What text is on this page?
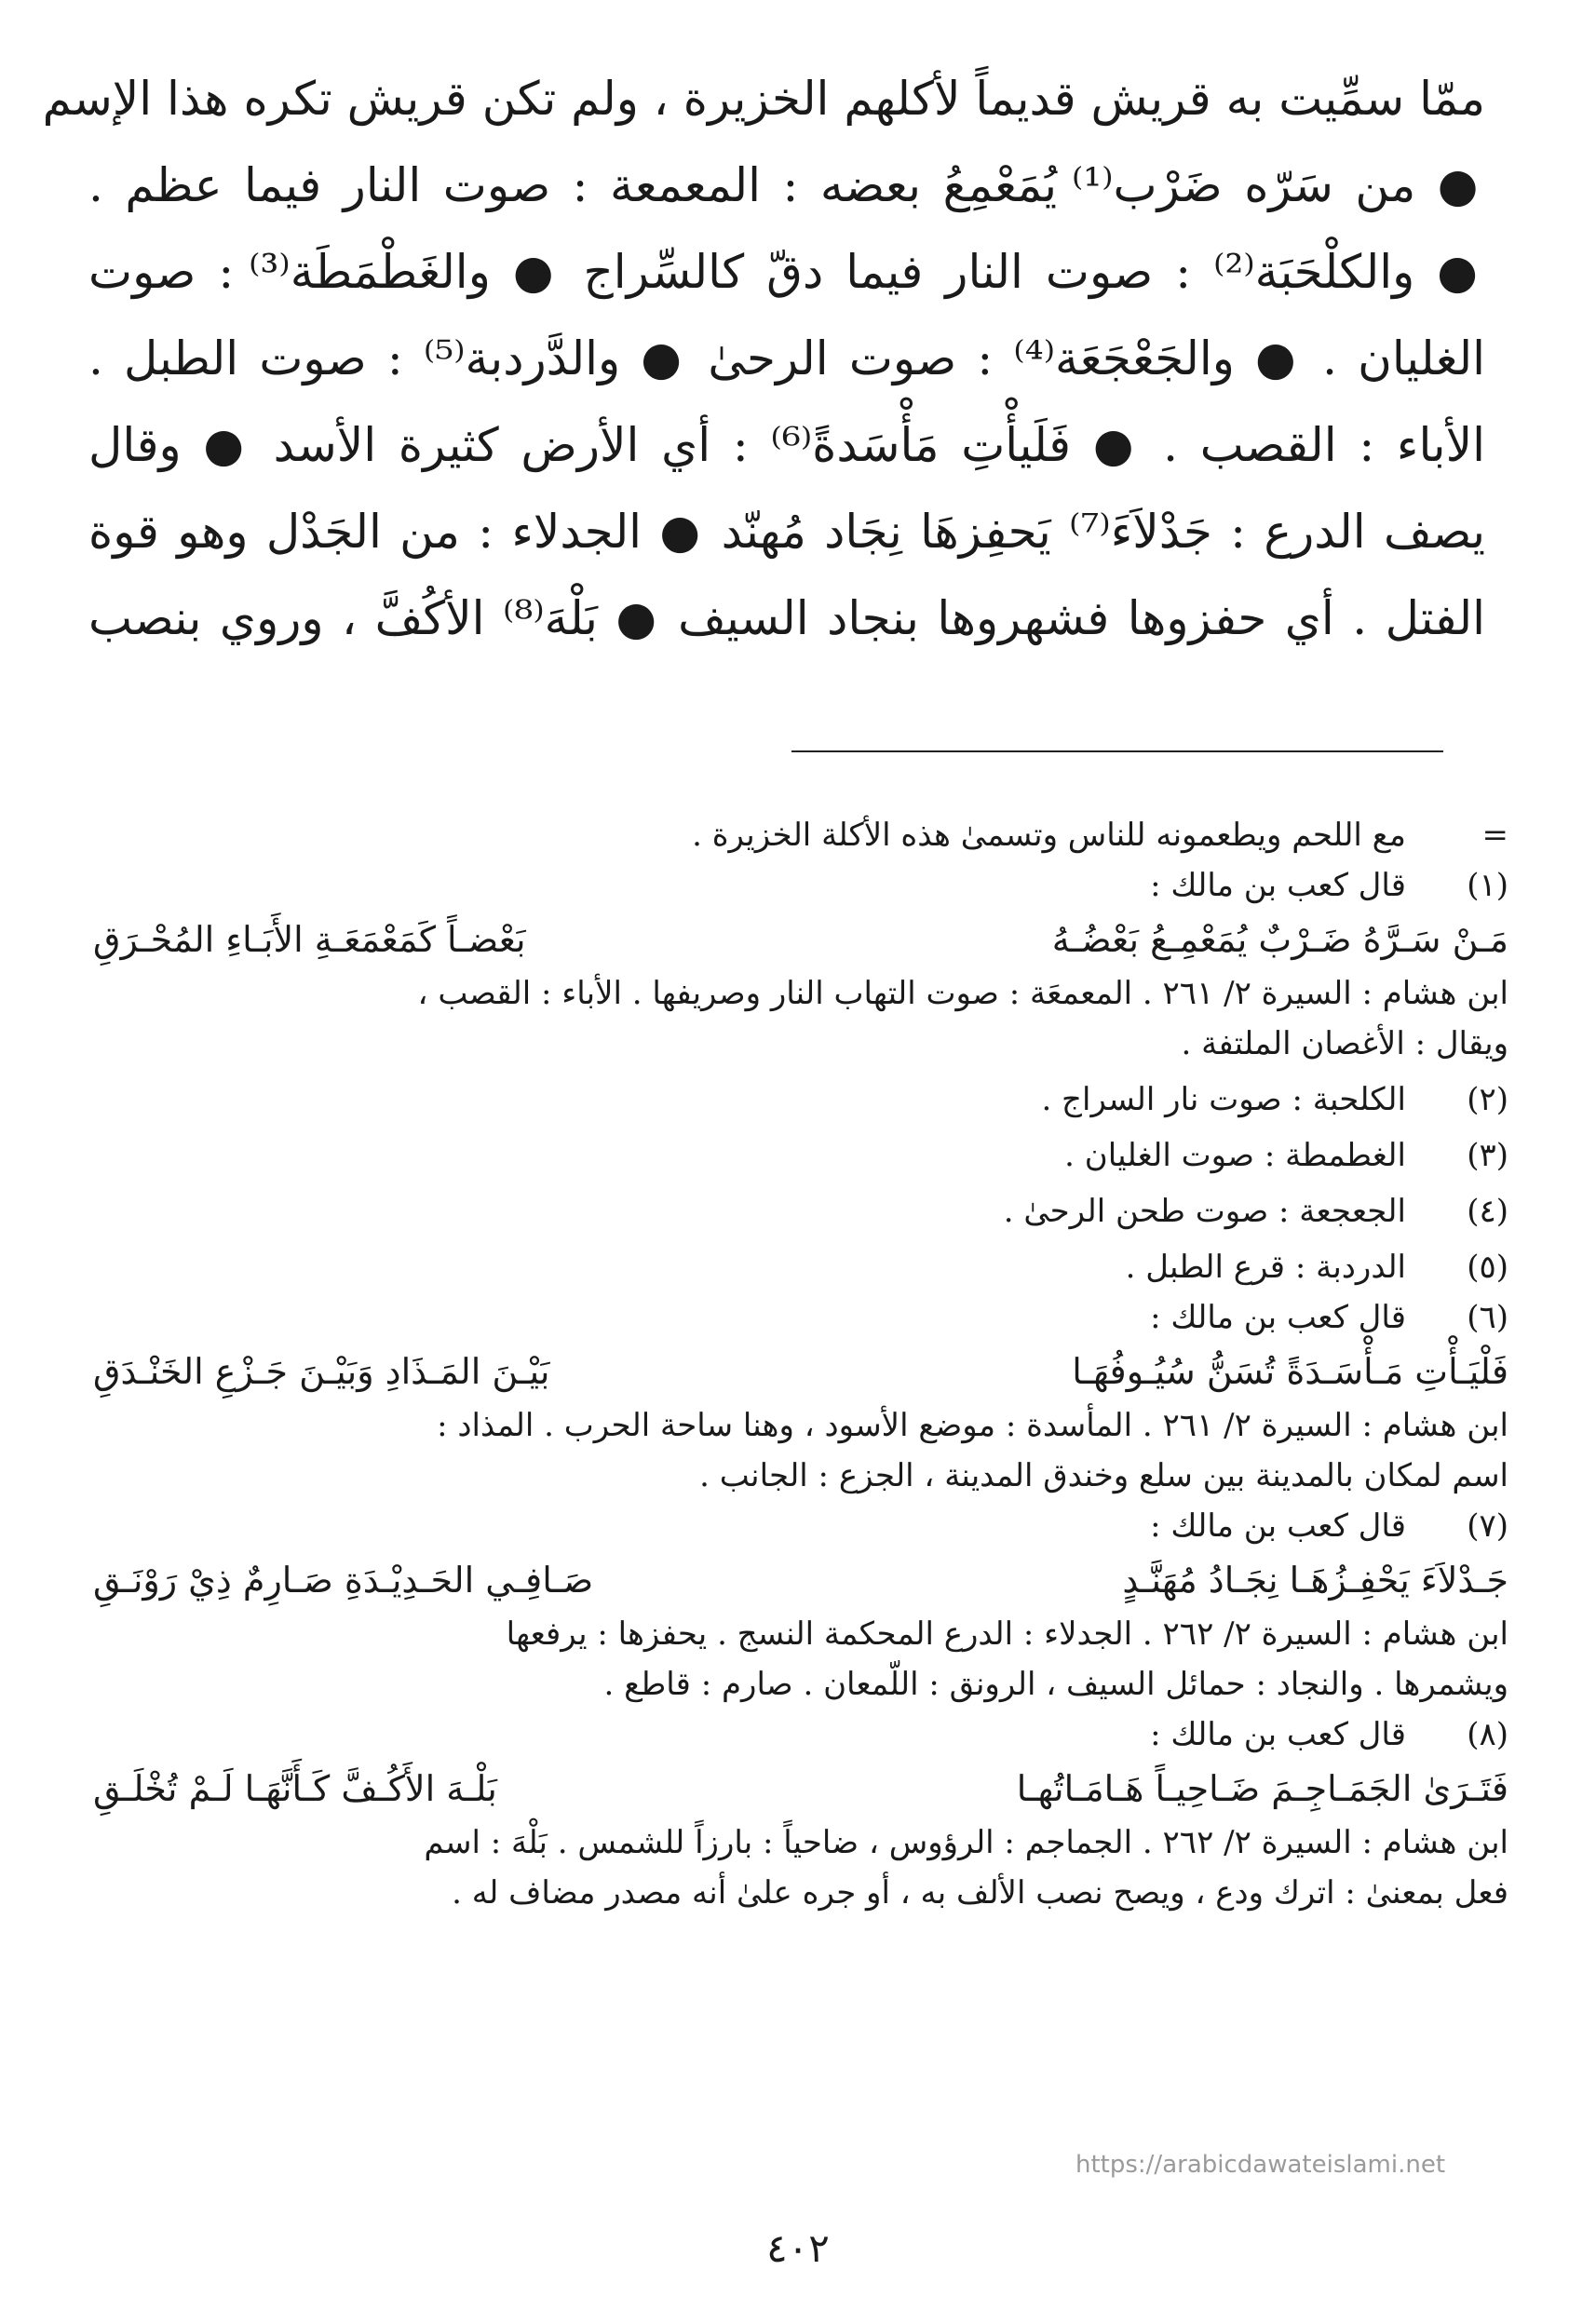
ممّا سمِّيت به قريش قديماً لأكلهم الخزيرة ، ولم تكن قريش تكره هذا الإسم
● من سَرّه ضَرْب⁽¹⁾ يُمَعْمِعُ بعضه : المعمعة : صوت النار فيما عظم .
● والكلْحَبَة⁽²⁾ : صوت النار فيما دقّ كالسِّراج ● والغَطْمَطَة⁽³⁾ : صوت
الغليان . ● والجَعْجَعَة⁽⁴⁾ : صوت الرحىٰ ● والدَّردبة⁽⁵⁾ : صوت الطبل .
الأباء : القصب . ● فَلَيأْتِ مَأْسَدةً⁽⁶⁾ : أي الأرض كثيرة الأسد ● وقال
يصف الدرع : جَدْلاَءَ⁽⁷⁾ يَحفِزهَا نِجَاد مُهنّد ● الجدلاء : من الجَدْل وهو قوة
الفتل . أي حفزوها فشهروها بنجاد السيف ● بَلْهَ⁽⁸⁾ الأكُفَّ ، وروي بنصب
=
مع اللحم ويطعمونه للناس وتسمىٰ هذه الأكلة الخزيرة .
(١)
قال كعب بن مالك :
مَـنْ سَـرَّهُ ضَـرْبٌ يُمَعْمِـعُ بَعْضُـهُ
بَعْضـاً كَمَعْمَعَـةِ الأَبَـاءِ المُحْـرَقِ
ابن هشام : السيرة ٢/ ٢٦١ . المعمعَة : صوت التهاب النار وصريفها . الأباء : القصب ،
ويقال : الأغصان الملتفة .
(٢)
الكلحبة : صوت نار السراج .
(٣)
الغطمطة : صوت الغليان .
(٤)
الجعجعة : صوت طحن الرحىٰ .
(٥)
الدردبة : قرع الطبل .
(٦)
قال كعب بن مالك :
فَلْيَـأْتِ مَـأْسَـدَةً تُسَنُّ سُيُـوفُهَـا
بَيْـنَ المَـذَادِ وَبَيْـنَ جَـزْعِ الخَنْـدَقِ
ابن هشام : السيرة ٢/ ٢٦١ . المأسدة : موضع الأسود ، وهنا ساحة الحرب . المذاد :
اسم لمكان بالمدينة بين سلع وخندق المدينة ، الجزع : الجانب .
(٧)
قال كعب بن مالك :
جَـدْلاَءَ يَحْفِـزُهَـا نِجَـادُ مُهَنَّـدٍ
صَـافِـي الحَـدِيْـدَةِ صَـارِمٌ ذِيْ رَوْنَـقِ
ابن هشام : السيرة ٢/ ٢٦٢ . الجدلاء : الدرع المحكمة النسج . يحفزها : يرفعها
ويشمرها . والنجاد : حمائل السيف ، الرونق : اللّمعان . صارم : قاطع .
(٨)
قال كعب بن مالك :
فَتَـرَىٰ الجَمَـاجِـمَ ضَـاحِيـاً هَـامَـاتُهـا
بَلْـهَ الأَكُـفَّ كَـأَنَّهَـا لَـمْ تُخْلَـقِ
ابن هشام : السيرة ٢/ ٢٦٢ . الجماجم : الرؤوس ، ضاحياً : بارزاً للشمس . بَلْهَ : اسم
فعل بمعنىٰ : اترك ودع ، ويصح نصب الألف به ، أو جره علىٰ أنه مصدر مضاف له .
https://arabicdawateislami.net
٤٠٢
